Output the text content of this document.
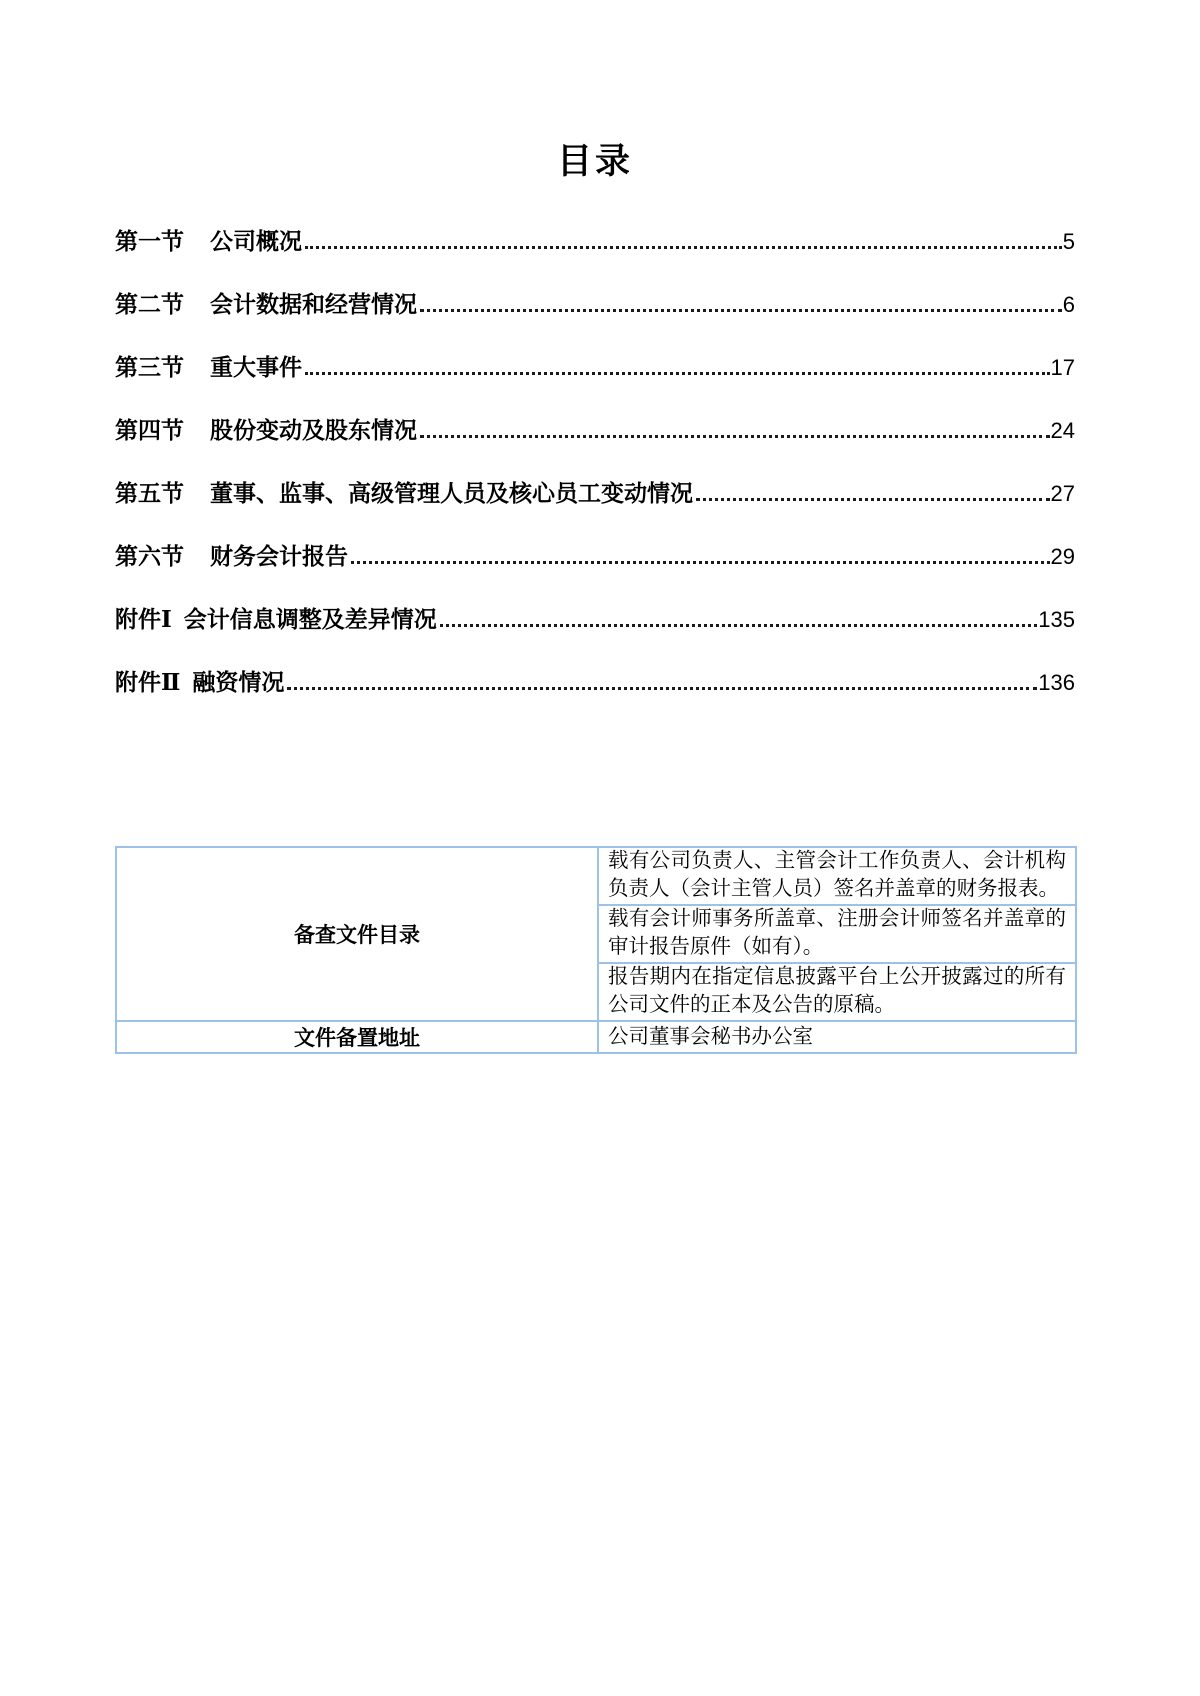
目录
第一节	公司概况	5
第二节	会计数据和经营情况	6
第三节	重大事件	17
第四节	股份变动及股东情况	24
第五节	董事、监事、高级管理人员及核心员工变动情况	27
第六节	财务会计报告	29
附件Ⅰ 会计信息调整及差异情况	135
附件Ⅱ 融资情况	136
备查文件目录	载有公司负责人、主管会计工作负责人、会计机构负责人（会计主管人员）签名并盖章的财务报表。
	载有会计师事务所盖章、注册会计师签名并盖章的审计报告原件（如有）。
	报告期内在指定信息披露平台上公开披露过的所有公司文件的正本及公告的原稿。
文件备置地址	公司董事会秘书办公室
